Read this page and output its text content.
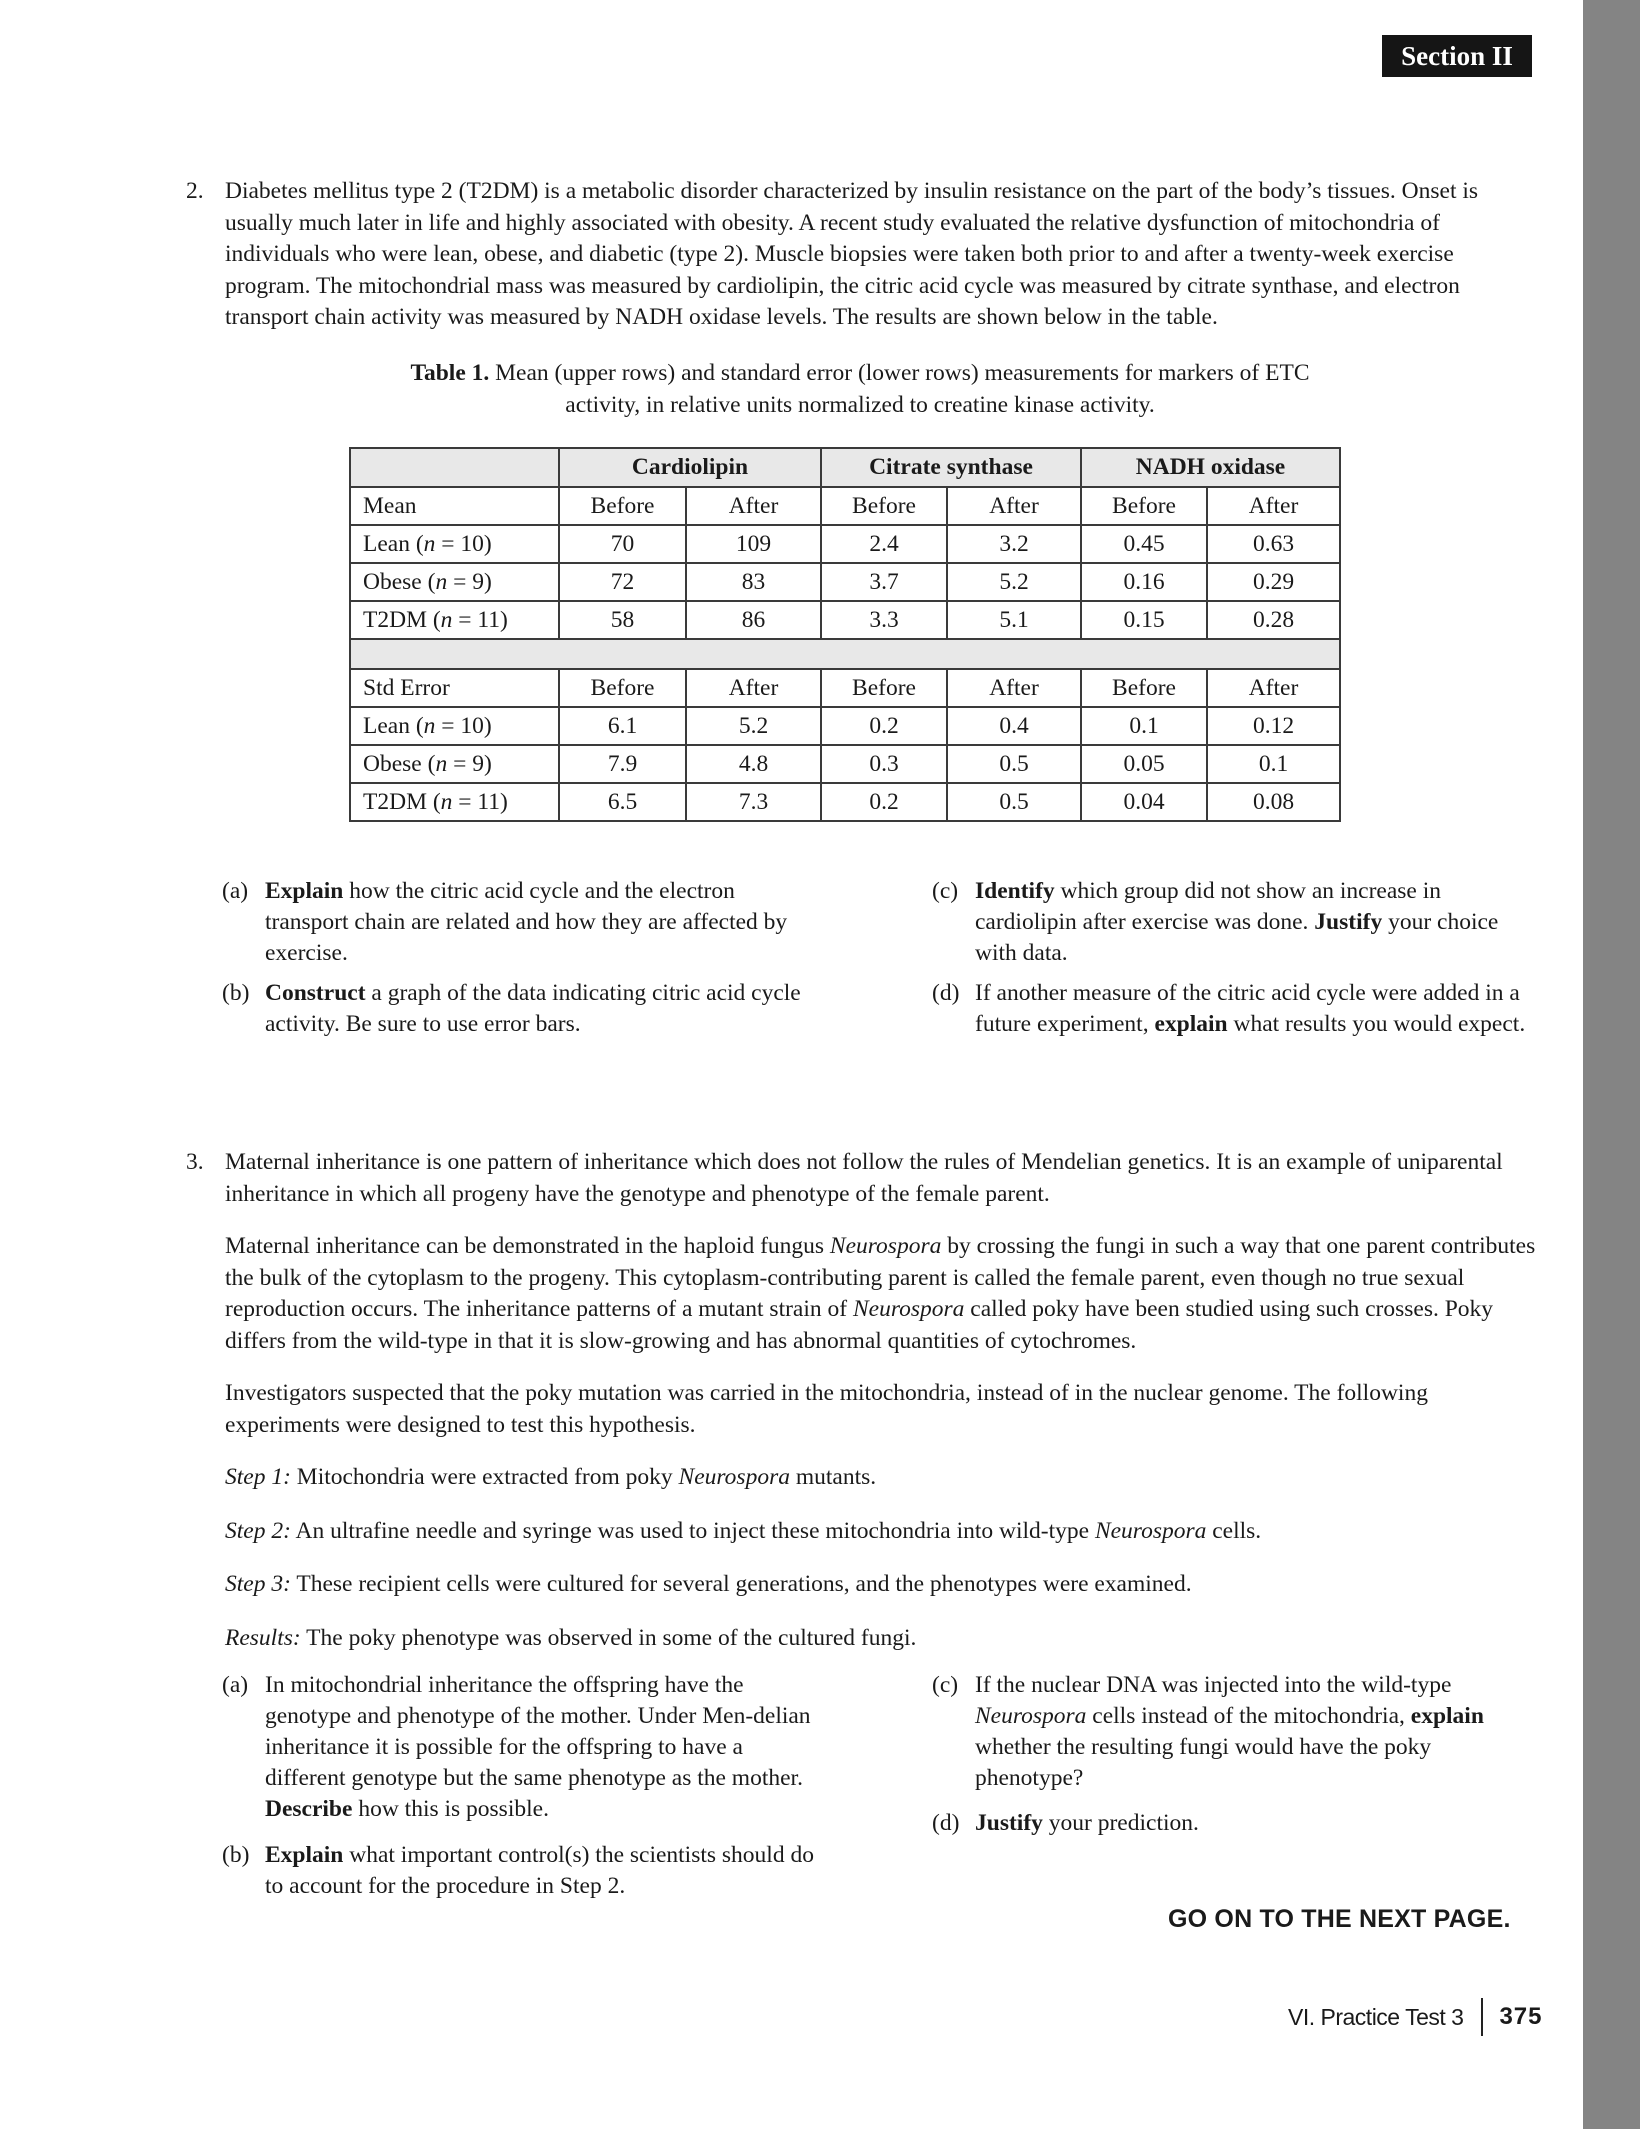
Section II
2. Diabetes mellitus type 2 (T2DM) is a metabolic disorder characterized by insulin resistance on the part of the body’s tissues. Onset is usually much later in life and highly associated with obesity. A recent study evaluated the relative dysfunction of mitochondria of individuals who were lean, obese, and diabetic (type 2). Muscle biopsies were taken both prior to and after a twenty-week exercise program. The mitochondrial mass was measured by cardiolipin, the citric acid cycle was measured by citrate synthase, and electron transport chain activity was measured by NADH oxidase levels. The results are shown below in the table.

Table 1. Mean (upper rows) and standard error (lower rows) measurements for markers of ETC activity, in relative units normalized to creatine kinase activity.
	Cardiolipin		Citrate synthase		NADH oxidase	
Mean	Before	After	Before	After	Before	After
Lean (n = 10)	70	109	2.4	3.2	0.45	0.63
Obese (n = 9)	72	83	3.7	5.2	0.16	0.29
T2DM (n = 11)	58	86	3.3	5.1	0.15	0.28

Std Error	Before	After	Before	After	Before	After
Lean (n = 10)	6.1	5.2	0.2	0.4	0.1	0.12
Obese (n = 9)	7.9	4.8	0.3	0.5	0.05	0.1
T2DM (n = 11)	6.5	7.3	0.2	0.5	0.04	0.08
(a) Explain how the citric acid cycle and the electron transport chain are related and how they are affected by exercise.
(b) Construct a graph of the data indicating citric acid cycle activity. Be sure to use error bars.
(c) Identify which group did not show an increase in cardiolipin after exercise was done. Justify your choice with data.
(d) If another measure of the citric acid cycle were added in a future experiment, explain what results you would expect.
3. Maternal inheritance is one pattern of inheritance which does not follow the rules of Mendelian genetics. It is an example of uniparental inheritance in which all progeny have the genotype and phenotype of the female parent.

Maternal inheritance can be demonstrated in the haploid fungus Neurospora by crossing the fungi in such a way that one parent contributes the bulk of the cytoplasm to the progeny. This cytoplasm-contributing parent is called the female parent, even though no true sexual reproduction occurs. The inheritance patterns of a mutant strain of Neurospora called poky have been studied using such crosses. Poky differs from the wild-type in that it is slow-growing and has abnormal quantities of cytochromes.

Investigators suspected that the poky mutation was carried in the mitochondria, instead of in the nuclear genome. The following experiments were designed to test this hypothesis.

Step 1: Mitochondria were extracted from poky Neurospora mutants.

Step 2: An ultrafine needle and syringe was used to inject these mitochondria into wild-type Neurospora cells.

Step 3: These recipient cells were cultured for several generations, and the phenotypes were examined.

Results: The poky phenotype was observed in some of the cultured fungi.

(a) In mitochondrial inheritance the offspring have the genotype and phenotype of the mother. Under Men-delian inheritance it is possible for the offspring to have a different genotype but the same phenotype as the mother. Describe how this is possible.
(b) Explain what important control(s) the scientists should do to account for the procedure in Step 2.
(c) If the nuclear DNA was injected into the wild-type Neurospora cells instead of the mitochondria, explain whether the resulting fungi would have the poky phenotype?
(d) Justify your prediction.
GO ON TO THE NEXT PAGE.
VI. Practice Test 3 375
